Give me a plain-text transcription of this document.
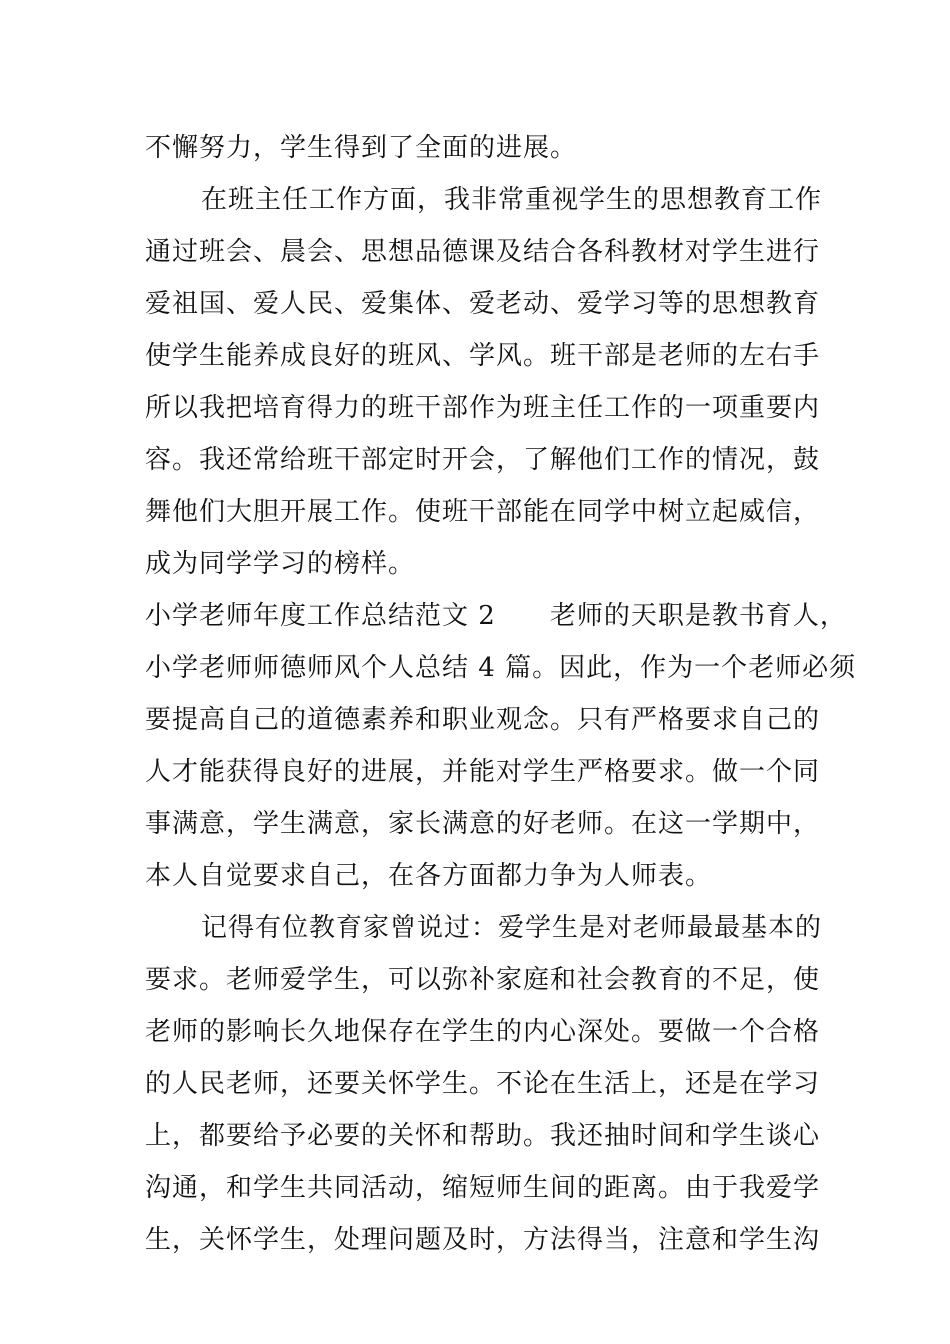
不懈努力，学生得到了全面的进展。
在班主任工作方面，我非常重视学生的思想教育工作
通过班会、晨会、思想品德课及结合各科教材对学生进行
爱祖国、爱人民、爱集体、爱老动、爱学习等的思想教育
使学生能养成良好的班风、学风。班干部是老师的左右手
所以我把培育得力的班干部作为班主任工作的一项重要内
容。我还常给班干部定时开会，了解他们工作的情况，鼓
舞他们大胆开展工作。使班干部能在同学中树立起威信，
成为同学学习的榜样。
小学老师年度工作总结范文 2 老师的天职是教书育人，
小学老师师德师风个人总结 4 篇。因此，作为一个老师必须
要提高自己的道德素养和职业观念。只有严格要求自己的
人才能获得良好的进展，并能对学生严格要求。做一个同
事满意，学生满意，家长满意的好老师。在这一学期中，
本人自觉要求自己，在各方面都力争为人师表。
记得有位教育家曾说过：爱学生是对老师最最基本的
要求。老师爱学生，可以弥补家庭和社会教育的不足，使
老师的影响长久地保存在学生的内心深处。要做一个合格
的人民老师，还要关怀学生。不论在生活上，还是在学习
上，都要给予必要的关怀和帮助。我还抽时间和学生谈心
沟通，和学生共同活动，缩短师生间的距离。由于我爱学
生，关怀学生，处理问题及时，方法得当，注意和学生沟
